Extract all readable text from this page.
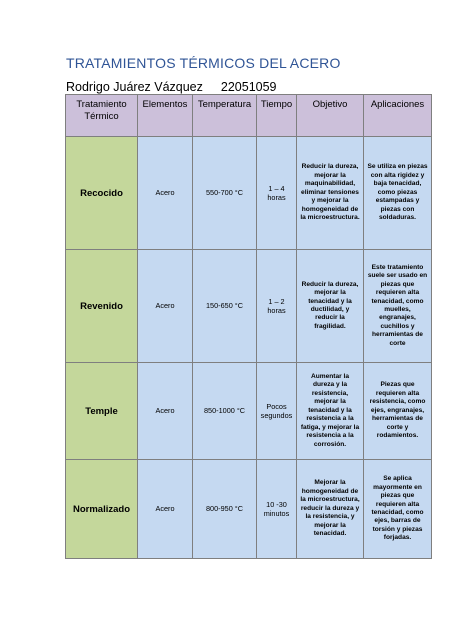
TRATAMIENTOS TÉRMICOS DEL ACERO
Rodrigo Juárez Vázquez 22051059
Tratamiento Térmico	Elementos	Temperatura	Tiempo	Objetivo	Aplicaciones
Recocido	Acero	550-700 °C	1 – 4 horas	Reducir la dureza, mejorar la maquinabilidad, eliminar tensiones y mejorar la homogeneidad de la microestructura.	Se utiliza en piezas con alta rigidez y baja tenacidad, como piezas estampadas y piezas con soldaduras.
Revenido	Acero	150-650 °C	1 – 2 horas	Reducir la dureza, mejorar la tenacidad y la ductilidad, y reducir la fragilidad.	Este tratamiento suele ser usado en piezas que requieren alta tenacidad, como muelles, engranajes, cuchillos y herramientas de corte
Temple	Acero	850-1000 °C	Pocos segundos	Aumentar la dureza y la resistencia, mejorar la tenacidad y la resistencia a la fatiga, y mejorar la resistencia a la corrosión.	Piezas que requieren alta resistencia, como ejes, engranajes, herramientas de corte y rodamientos.
Normalizado	Acero	800-950 °C	10 -30 minutos	Mejorar la homogeneidad de la microestructura, reducir la dureza y la resistencia, y mejorar la tenacidad.	Se aplica mayormente en piezas que requieren alta tenacidad, como ejes, barras de torsión y piezas forjadas.
